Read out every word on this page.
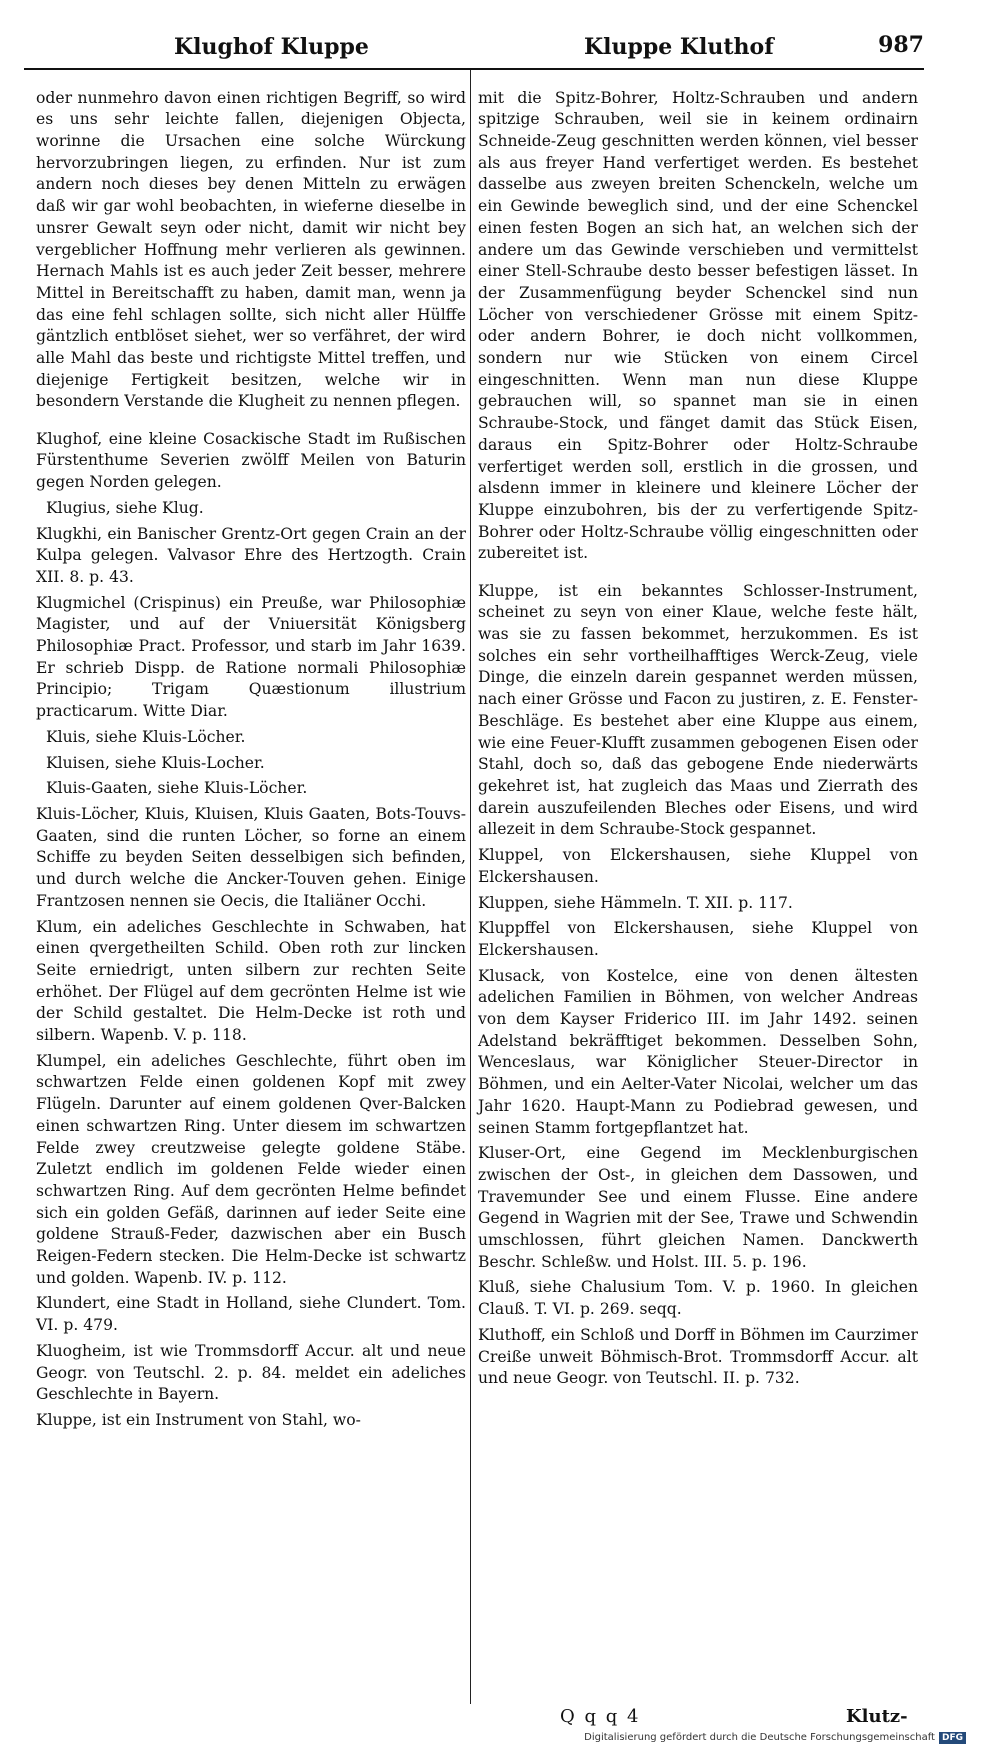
Klughof Kluppe	Kluppe Kluthof	987

oder nunmehro davon einen richtigen Begriff, so wird es uns sehr leichte fallen, diejenigen Objecta, worinne die Ursachen eine solche Würckung hervorzubringen liegen, zu erfinden. Nur ist zum andern noch dieses bey denen Mitteln zu erwägen daß wir gar wohl beobachten, in wieferne dieselbe in unsrer Gewalt seyn oder nicht, damit wir nicht bey vergeblicher Hoffnung mehr verlieren als gewinnen. Hernach Mahls ist es auch jeder Zeit besser, mehrere Mittel in Bereitschafft zu haben, damit man, wenn ja das eine fehl schlagen sollte, sich nicht aller Hülffe gäntzlich entblöset siehet, wer so verfähret, der wird alle Mahl das beste und richtigste Mittel treffen, und diejenige Fertigkeit besitzen, welche wir in besondern Verstande die Klugheit zu nennen pflegen.

Klughof, eine kleine Cosackische Stadt im Rußischen Fürstenthume Severien zwölff Meilen von Baturin gegen Norden gelegen.

Klugius, siehe Klug.

Klugkhi, ein Banischer Grentz-Ort gegen Crain an der Kulpa gelegen. Valvasor Ehre des Hertzogth. Crain XII. 8. p. 43.

Klugmichel (Crispinus) ein Preuße, war Philosophiæ Magister, und auf der Vniuersität Königsberg Philosophiæ Pract. Professor, und starb im Jahr 1639. Er schrieb Dispp. de Ratione normali Philosophiæ Principio; Trigam Quæstionum illustrium practicarum. Witte Diar.

Kluis, siehe Kluis-Löcher.

Kluisen, siehe Kluis-Locher.

Kluis-Gaaten, siehe Kluis-Löcher.

Kluis-Löcher, Kluis, Kluisen, Kluis Gaaten, Bots-Touvs-Gaaten, sind die runten Löcher, so forne an einem Schiffe zu beyden Seiten desselbigen sich befinden, und durch welche die Ancker-Touven gehen. Einige Frantzosen nennen sie Oecis, die Italiäner Occhi.

Klum, ein adeliches Geschlechte in Schwaben, hat einen qvergetheilten Schild. Oben roth zur lincken Seite erniedrigt, unten silbern zur rechten Seite erhöhet. Der Flügel auf dem gecrönten Helme ist wie der Schild gestaltet. Die Helm-Decke ist roth und silbern. Wapenb. V. p. 118.

Klumpel, ein adeliches Geschlechte, führt oben im schwartzen Felde einen goldenen Kopf mit zwey Flügeln. Darunter auf einem goldenen Qver-Balcken einen schwartzen Ring. Unter diesem im schwartzen Felde zwey creutzweise gelegte goldene Stäbe. Zuletzt endlich im goldenen Felde wieder einen schwartzen Ring. Auf dem gecrönten Helme befindet sich ein golden Gefäß, darinnen auf ieder Seite eine goldene Strauß-Feder, dazwischen aber ein Busch Reigen-Federn stecken. Die Helm-Decke ist schwartz und golden. Wapenb. IV. p. 112.

Klundert, eine Stadt in Holland, siehe Clundert. Tom. VI. p. 479.

Kluogheim, ist wie Trommsdorff Accur. alt und neue Geogr. von Teutschl. 2. p. 84. meldet ein adeliches Geschlechte in Bayern.

Kluppe, ist ein Instrument von Stahl, wo-

mit die Spitz-Bohrer, Holtz-Schrauben und andern spitzige Schrauben, weil sie in keinem ordinairn Schneide-Zeug geschnitten werden können, viel besser als aus freyer Hand verfertiget werden. Es bestehet dasselbe aus zweyen breiten Schenckeln, welche um ein Gewinde beweglich sind, und der eine Schenckel einen festen Bogen an sich hat, an welchen sich der andere um das Gewinde verschieben und vermittelst einer Stell-Schraube desto besser befestigen lässet. In der Zusammenfügung beyder Schenckel sind nun Löcher von verschiedener Grösse mit einem Spitz- oder andern Bohrer, ie doch nicht vollkommen, sondern nur wie Stücken von einem Circel eingeschnitten. Wenn man nun diese Kluppe gebrauchen will, so spannet man sie in einen Schraube-Stock, und fänget damit das Stück Eisen, daraus ein Spitz-Bohrer oder Holtz-Schraube verfertiget werden soll, erstlich in die grossen, und alsdenn immer in kleinere und kleinere Löcher der Kluppe einzubohren, bis der zu verfertigende Spitz-Bohrer oder Holtz-Schraube völlig eingeschnitten oder zubereitet ist.

Kluppe, ist ein bekanntes Schlosser-Instrument, scheinet zu seyn von einer Klaue, welche feste hält, was sie zu fassen bekommet, herzukommen. Es ist solches ein sehr vortheilhafftiges Werck-Zeug, viele Dinge, die einzeln darein gespannet werden müssen, nach einer Grösse und Facon zu justiren, z. E. Fenster-Beschläge. Es bestehet aber eine Kluppe aus einem, wie eine Feuer-Klufft zusammen gebogenen Eisen oder Stahl, doch so, daß das gebogene Ende niederwärts gekehret ist, hat zugleich das Maas und Zierrath des darein auszufeilenden Bleches oder Eisens, und wird allezeit in dem Schraube-Stock gespannet.

Kluppel, von Elckershausen, siehe Kluppel von Elckershausen.

Kluppen, siehe Hämmeln. T. XII. p. 117.

Kluppffel von Elckershausen, siehe Kluppel von Elckershausen.

Klusack, von Kostelce, eine von denen ältesten adelichen Familien in Böhmen, von welcher Andreas von dem Kayser Friderico III. im Jahr 1492. seinen Adelstand bekräfftiget bekommen. Desselben Sohn, Wenceslaus, war Königlicher Steuer-Director in Böhmen, und ein Aelter-Vater Nicolai, welcher um das Jahr 1620. Haupt-Mann zu Podiebrad gewesen, und seinen Stamm fortgepflantzet hat.

Kluser-Ort, eine Gegend im Mecklenburgischen zwischen der Ost-, in gleichen dem Dassowen, und Travemunder See und einem Flusse. Eine andere Gegend in Wagrien mit der See, Trawe und Schwendin umschlossen, führt gleichen Namen. Danckwerth Beschr. Schleßw. und Holst. III. 5. p. 196.

Kluß, siehe Chalusium Tom. V. p. 1960. In gleichen Clauß. T. VI. p. 269. seqq.

Kluthoff, ein Schloß und Dorff in Böhmen im Caurzimer Creiße unweit Böhmisch-Brot. Trommsdorff Accur. alt und neue Geogr. von Teutschl. II. p. 732.

Q q q 4	Klutz-
Digitalisierung gefördert durch die Deutsche Forschungsgemeinschaft DFG
